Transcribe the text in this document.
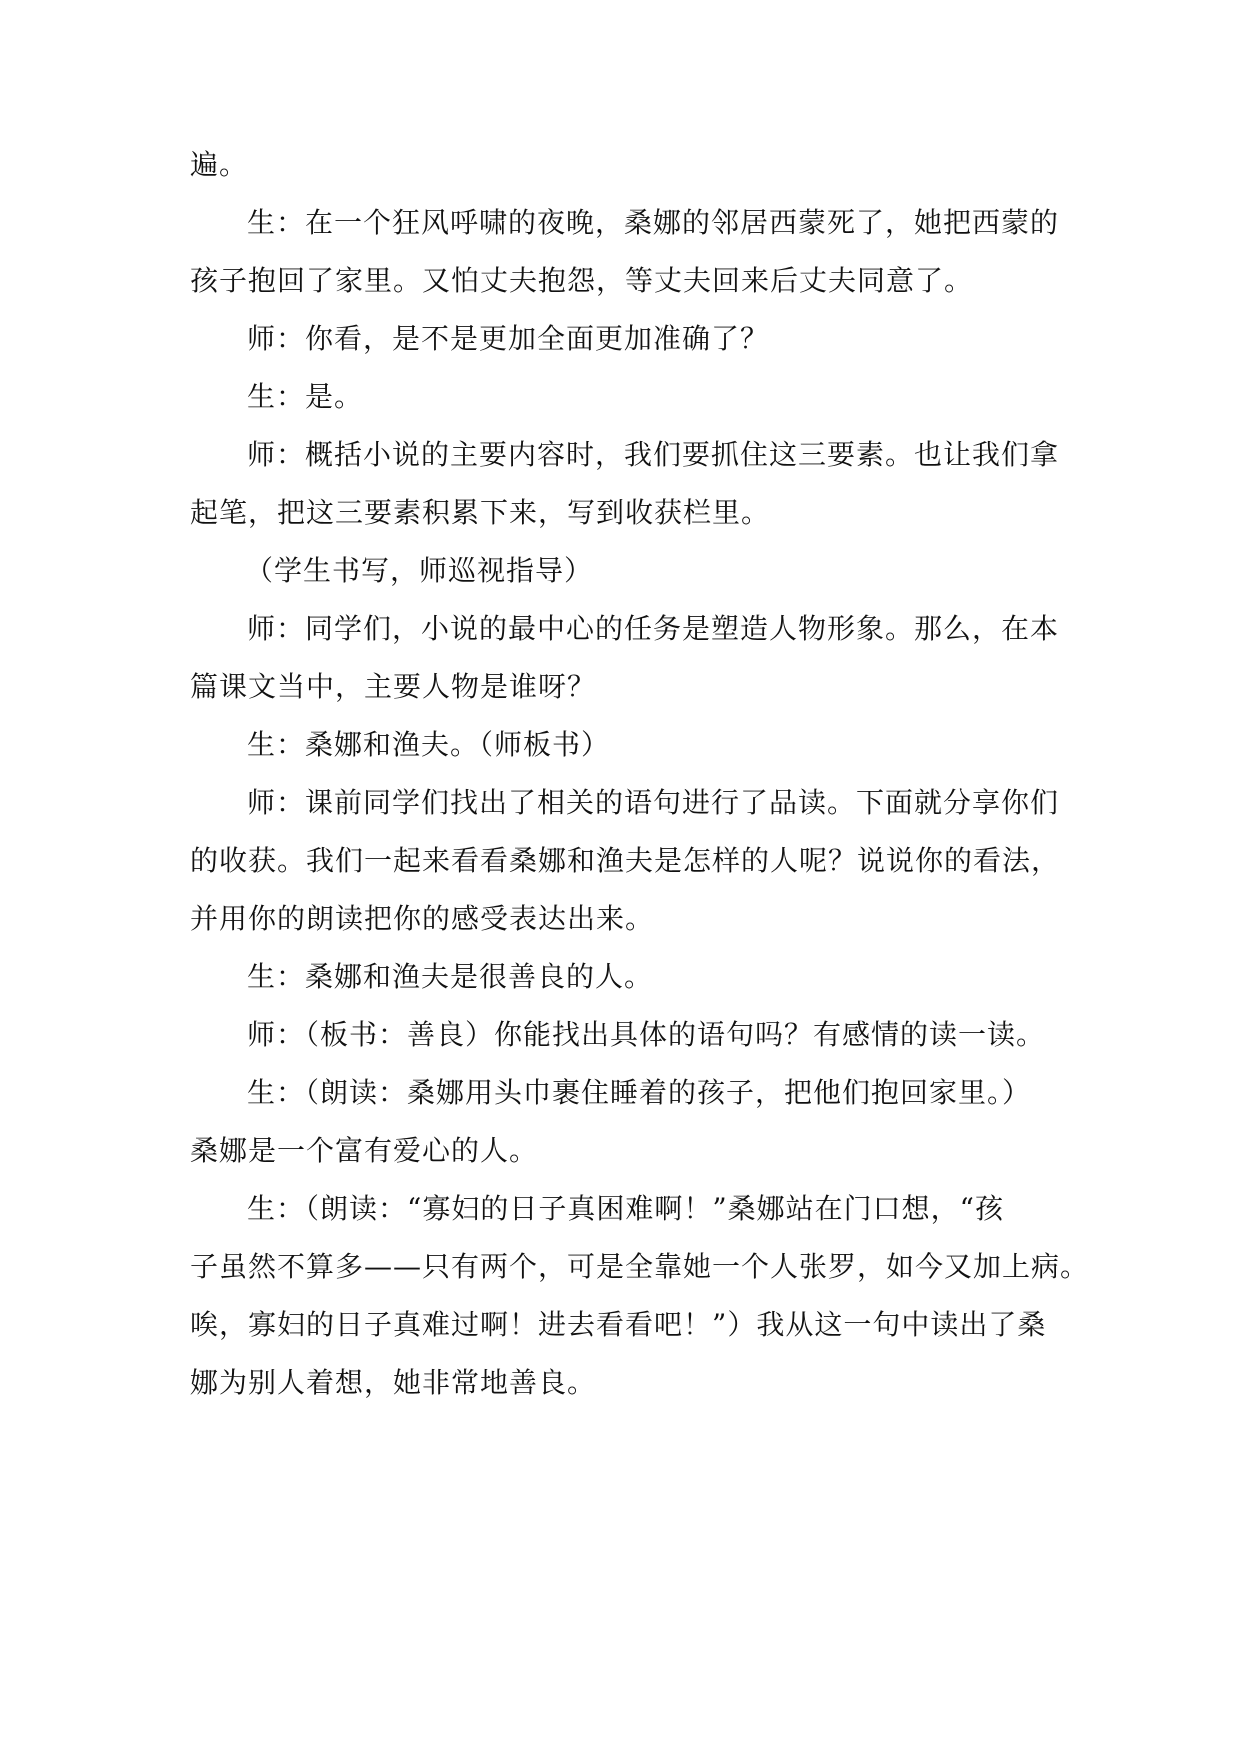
遍。
生：在一个狂风呼啸的夜晚，桑娜的邻居西蒙死了，她把西蒙的
孩子抱回了家里。又怕丈夫抱怨，等丈夫回来后丈夫同意了。
师：你看，是不是更加全面更加准确了？
生：是。
师：概括小说的主要内容时，我们要抓住这三要素。也让我们拿
起笔，把这三要素积累下来，写到收获栏里。
（学生书写，师巡视指导）
师：同学们，小说的最中心的任务是塑造人物形象。那么，在本
篇课文当中，主要人物是谁呀？
生：桑娜和渔夫。（师板书）
师：课前同学们找出了相关的语句进行了品读。下面就分享你们
的收获。我们一起来看看桑娜和渔夫是怎样的人呢？说说你的看法，
并用你的朗读把你的感受表达出来。
生：桑娜和渔夫是很善良的人。
师：（板书：善良）你能找出具体的语句吗？有感情的读一读。
生：（朗读：桑娜用头巾裹住睡着的孩子，把他们抱回家里。）
桑娜是一个富有爱心的人。
生：（朗读：“寡妇的日子真困难啊！”桑娜站在门口想，“孩
子虽然不算多——只有两个，可是全靠她一个人张罗，如今又加上病。
唉，寡妇的日子真难过啊！进去看看吧！”）我从这一句中读出了桑
娜为别人着想，她非常地善良。
